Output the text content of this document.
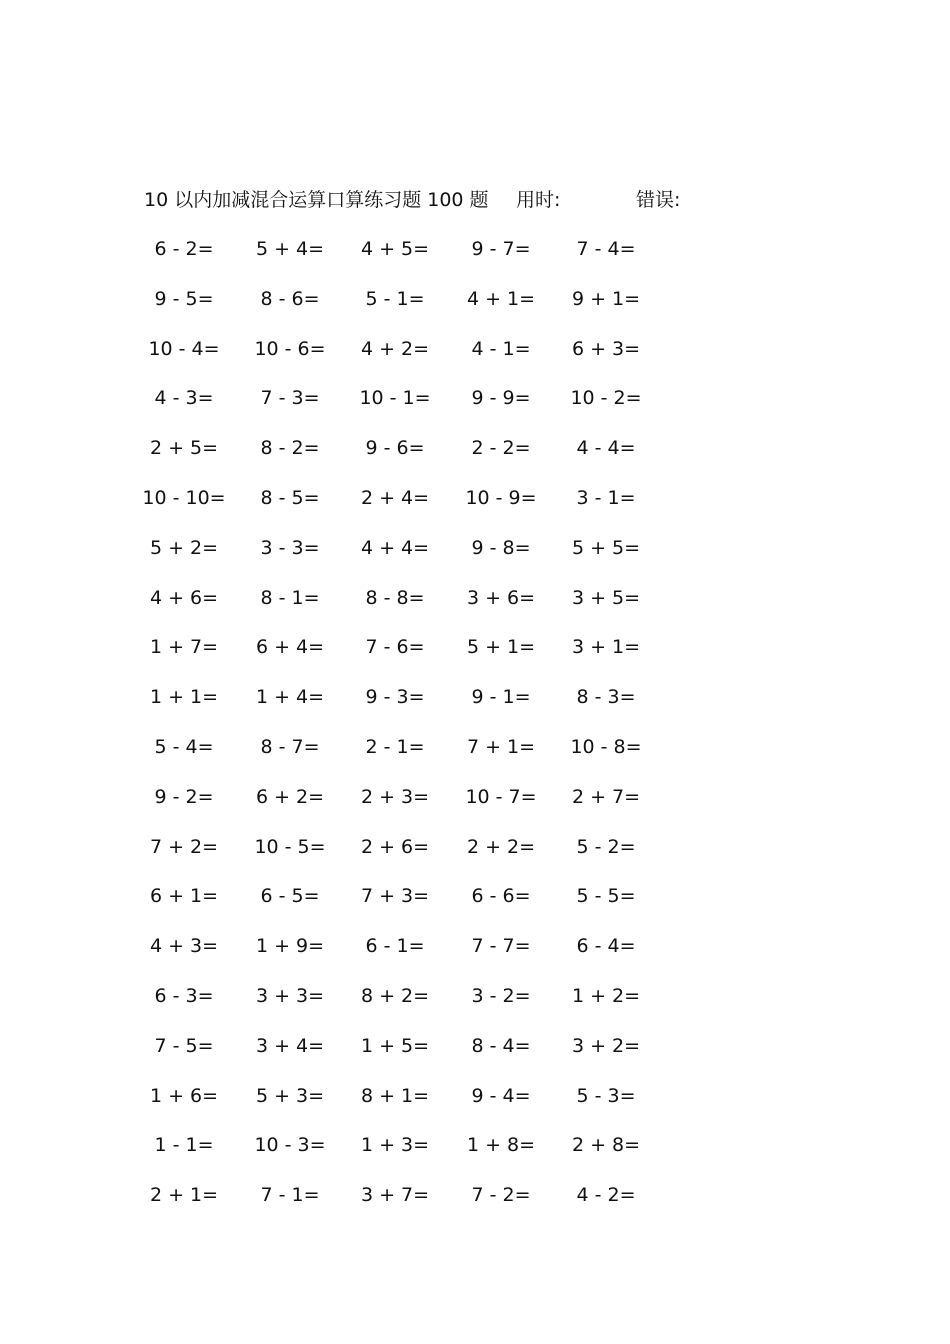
10 以内加减混合运算口算练习题 100 题 用时:	错误:
6 - 2=	5 + 4=	4 + 5=	9 - 7=	7 - 4=
9 - 5=	8 - 6=	5 - 1=	4 + 1=	9 + 1=
10 - 4=	10 - 6=	4 + 2=	4 - 1=	6 + 3=
4 - 3=	7 - 3=	10 - 1=	9 - 9=	10 - 2=
2 + 5=	8 - 2=	9 - 6=	2 - 2=	4 - 4=
10 - 10=	8 - 5=	2 + 4=	10 - 9=	3 - 1=
5 + 2=	3 - 3=	4 + 4=	9 - 8=	5 + 5=
4 + 6=	8 - 1=	8 - 8=	3 + 6=	3 + 5=
1 + 7=	6 + 4=	7 - 6=	5 + 1=	3 + 1=
1 + 1=	1 + 4=	9 - 3=	9 - 1=	8 - 3=
5 - 4=	8 - 7=	2 - 1=	7 + 1=	10 - 8=
9 - 2=	6 + 2=	2 + 3=	10 - 7=	2 + 7=
7 + 2=	10 - 5=	2 + 6=	2 + 2=	5 - 2=
6 + 1=	6 - 5=	7 + 3=	6 - 6=	5 - 5=
4 + 3=	1 + 9=	6 - 1=	7 - 7=	6 - 4=
6 - 3=	3 + 3=	8 + 2=	3 - 2=	1 + 2=
7 - 5=	3 + 4=	1 + 5=	8 - 4=	3 + 2=
1 + 6=	5 + 3=	8 + 1=	9 - 4=	5 - 3=
1 - 1=	10 - 3=	1 + 3=	1 + 8=	2 + 8=
2 + 1=	7 - 1=	3 + 7=	7 - 2=	4 - 2=
